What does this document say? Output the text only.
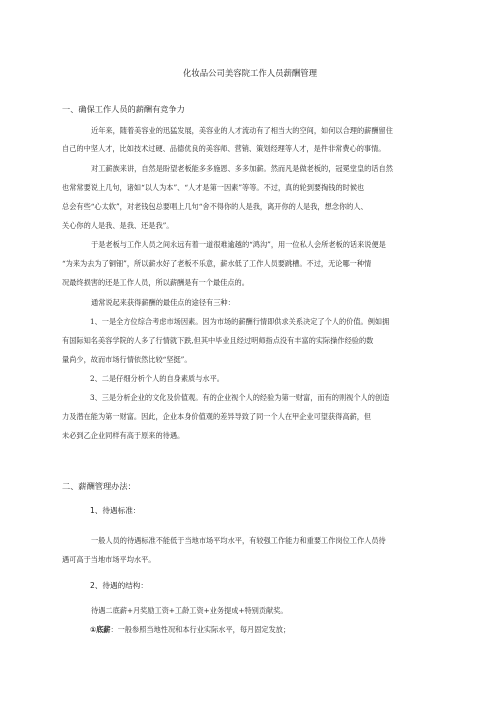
化妆品公司美容院工作人员薪酬管理
一、确保工作人员的薪酬有竞争力
近年来，随着美容业的迅猛发展，美容业的人才流动有了相当大的空间，如何以合理的薪酬留住
自己的中坚人才，比如技术过硬、品德优良的美容师、营销、策划经理等人才，是件非常费心的事情。
对工薪族来讲，自然是盼望老板能多多施恩、多多加薪。然而凡是做老板的，冠冕堂皇的话自然
也常常要说上几句，诸如“以人为本”、“人才是第一因素”等等。不过，真的轮到要掏钱的时候也
总会有些“心太软”，对老钱包总要唱上几句“舍不得你的人是我，离开你的人是我，想念你的人、
关心你的人是我、是我、还是我”。
于是老板与工作人员之间永远有着一道很难逾越的“鸿沟”，用一位私人会所老板的话来说便是
“为来为去为了铜钿”，所以薪水好了老板不乐意，薪水低了工作人员要跳槽。不过，无论哪一种情
况最终损害的还是工作人员，所以薪酬是有一个最佳点的。
通常说起来获得薪酬的最佳点的途径有三种：
1、一是全方位综合考虑市场因素。因为市场的薪酬行情即供求关系决定了个人的价值。例如拥
有国际知名美容学院的人多了行情就下跌,但其中毕业且经过明师指点没有丰富的实际操作经验的数
量尚少，故而市场行情依然比较“坚挺”。
2、二是仔细分析个人的自身素质与水平。
3、三是分析企业的文化及价值观。有的企业视个人的经验为第一财富，而有的则视个人的创造
力及潜在能为第一财富。因此，企业本身价值观的差异导致了同一个人在甲企业可望获得高薪，但
未必到乙企业同样有高于原来的待遇。
二、薪酬管理办法：
1、待遇标准：
一般人员的待遇标准不能低于当地市场平均水平，有较强工作能力和重要工作岗位工作人员待
遇可高于当地市场平均水平。
2、待遇的结构：
待遇二底薪+月奖励工资+工龄工资+业务提成+特别贡献奖。
①底薪：一般参照当地性况和本行业实际水平，每月固定发放；
